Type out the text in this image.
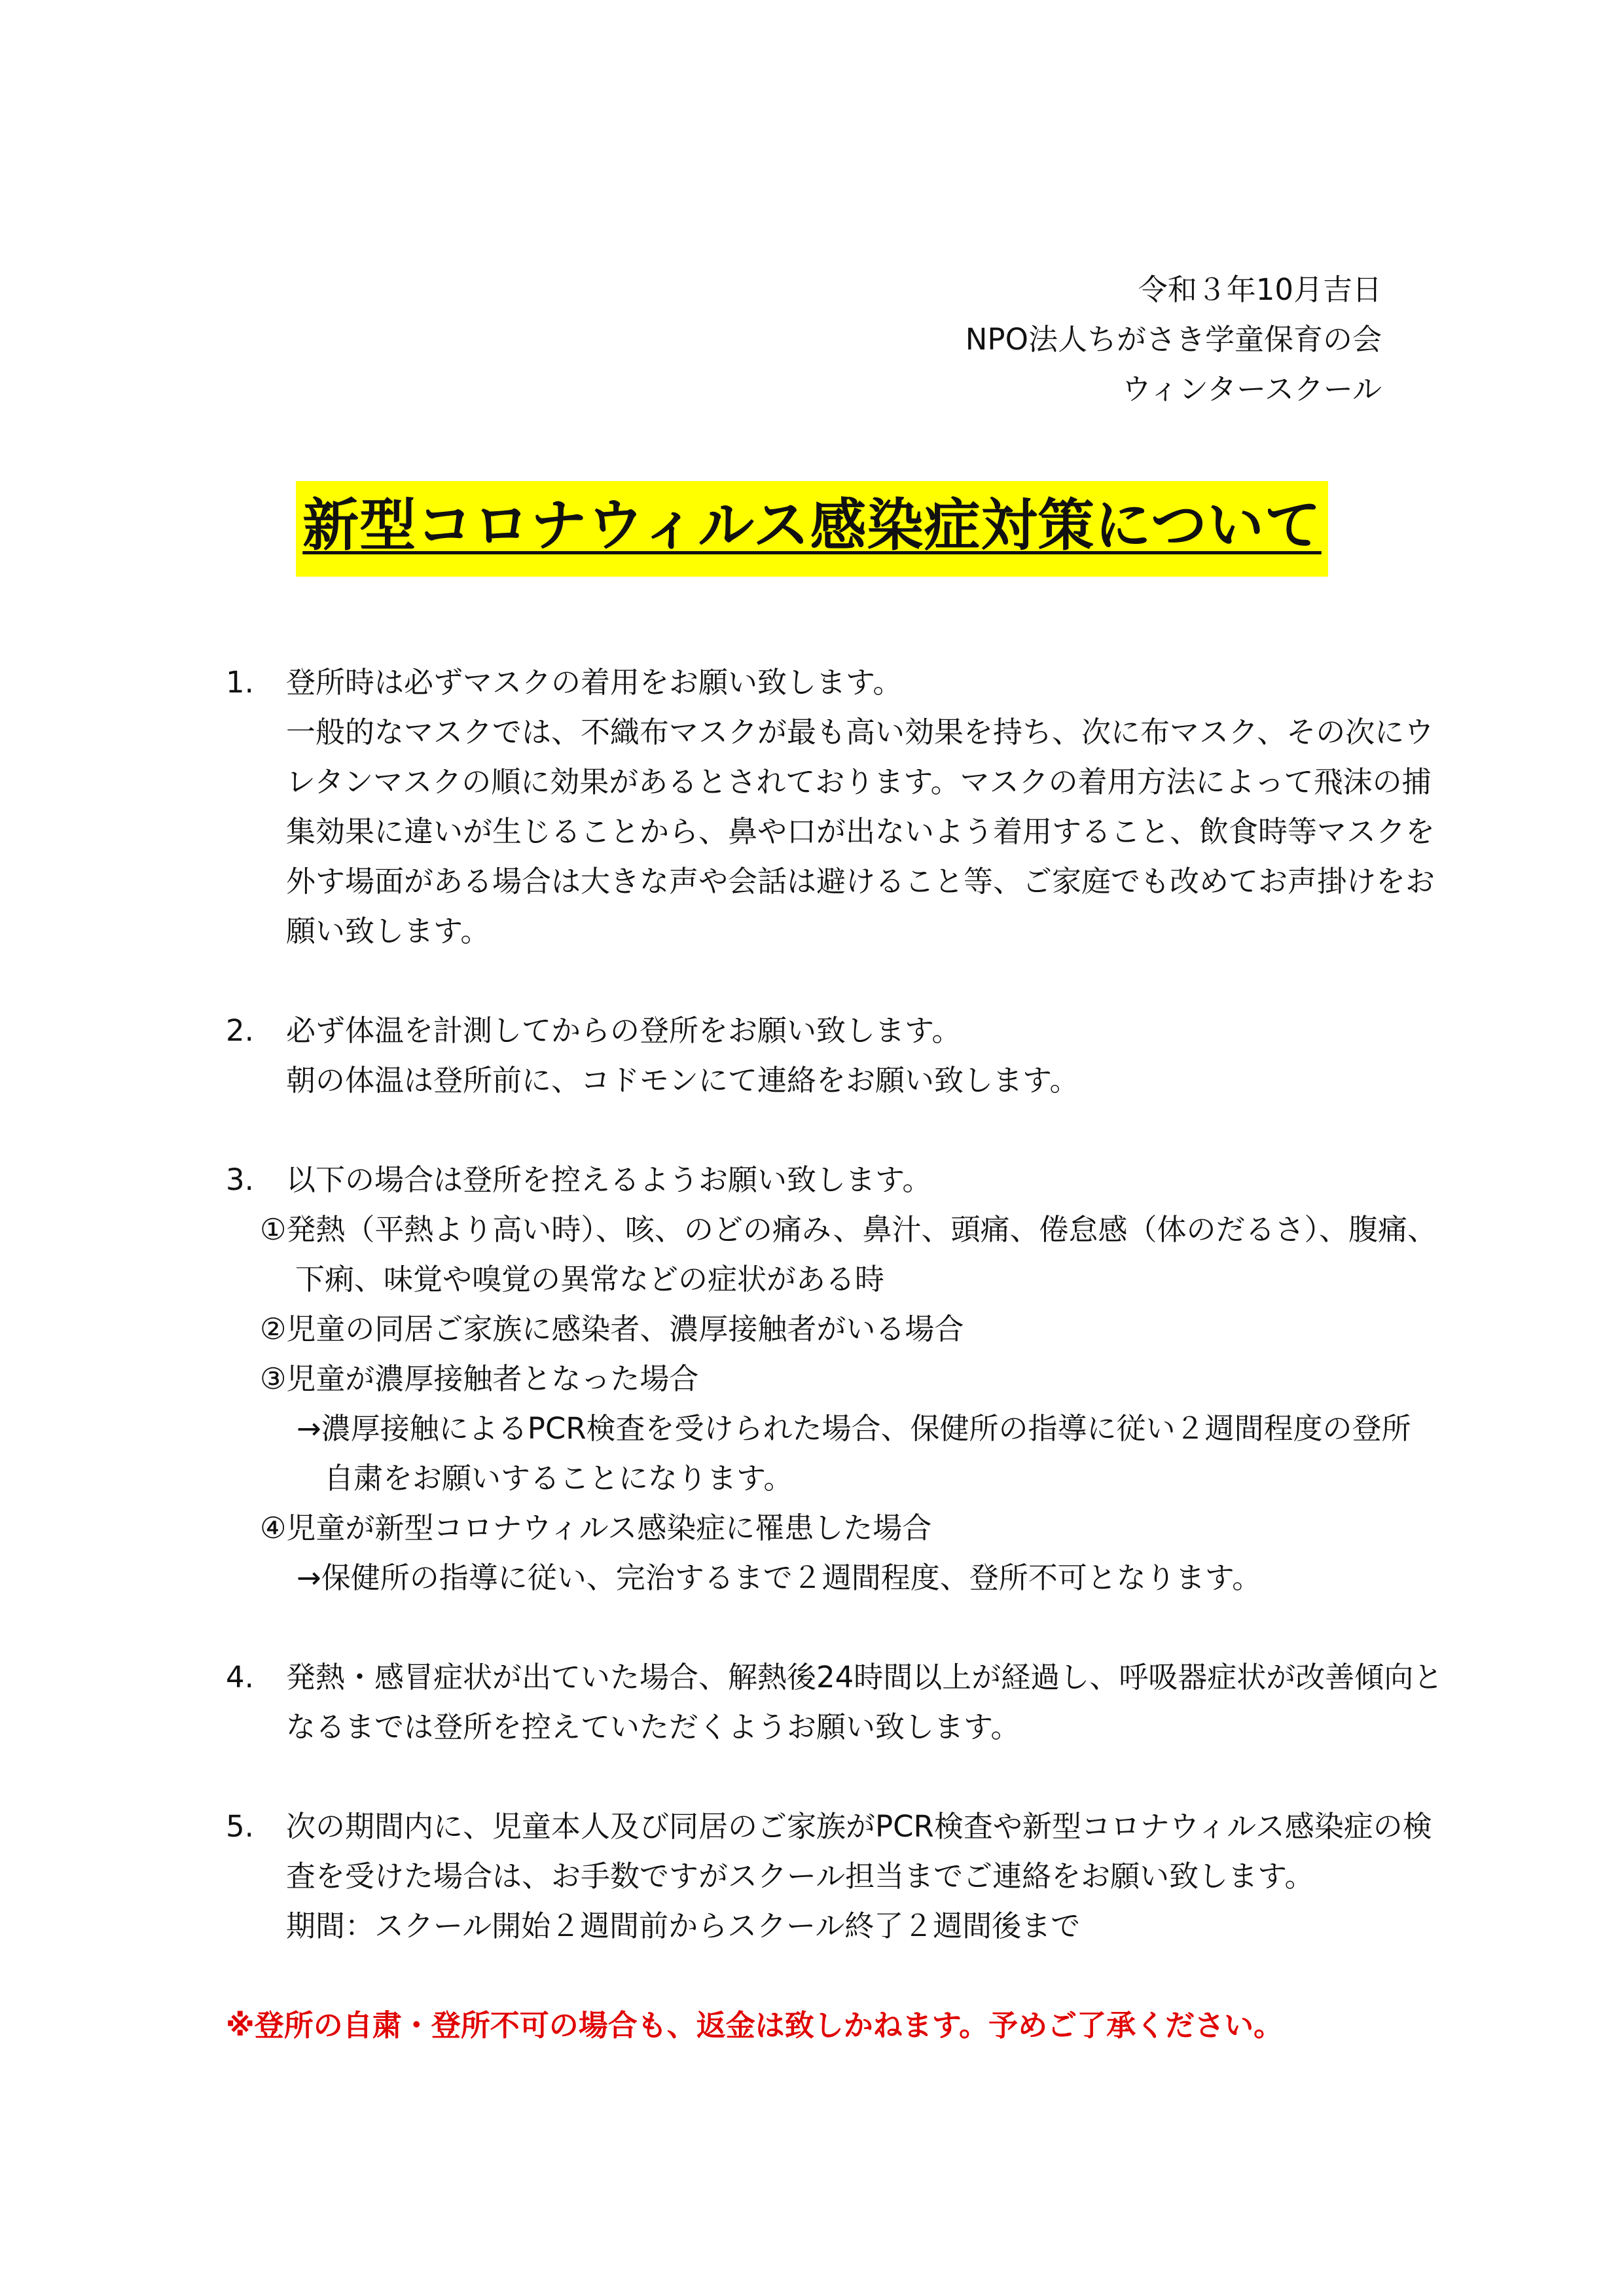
令和３年10月吉日
NPO法人ちがさき学童保育の会
ウィンタースクール
新型コロナウィルス感染症対策について
1.	登所時は必ずマスクの着用をお願い致します。
一般的なマスクでは、不織布マスクが最も高い効果を持ち、次に布マスク、その次にウ
レタンマスクの順に効果があるとされております。マスクの着用方法によって飛沫の捕
集効果に違いが生じることから、鼻や口が出ないよう着用すること、飲食時等マスクを
外す場面がある場合は大きな声や会話は避けること等、ご家庭でも改めてお声掛けをお
願い致します。
2.	必ず体温を計測してからの登所をお願い致します。
朝の体温は登所前に、コドモンにて連絡をお願い致します。
3.	以下の場合は登所を控えるようお願い致します。
①発熱（平熱より高い時）、咳、のどの痛み、鼻汁、頭痛、倦怠感（体のだるさ）、腹痛、
下痢、味覚や嗅覚の異常などの症状がある時
②児童の同居ご家族に感染者、濃厚接触者がいる場合
③児童が濃厚接触者となった場合
→濃厚接触によるPCR検査を受けられた場合、保健所の指導に従い２週間程度の登所
自粛をお願いすることになります。
④児童が新型コロナウィルス感染症に罹患した場合
→保健所の指導に従い、完治するまで２週間程度、登所不可となります。
4.	発熱・感冒症状が出ていた場合、解熱後24時間以上が経過し、呼吸器症状が改善傾向と
なるまでは登所を控えていただくようお願い致します。
5.	次の期間内に、児童本人及び同居のご家族がPCR検査や新型コロナウィルス感染症の検
査を受けた場合は、お手数ですがスクール担当までご連絡をお願い致します。
期間：スクール開始２週間前からスクール終了２週間後まで
※登所の自粛・登所不可の場合も、返金は致しかねます。予めご了承ください。
